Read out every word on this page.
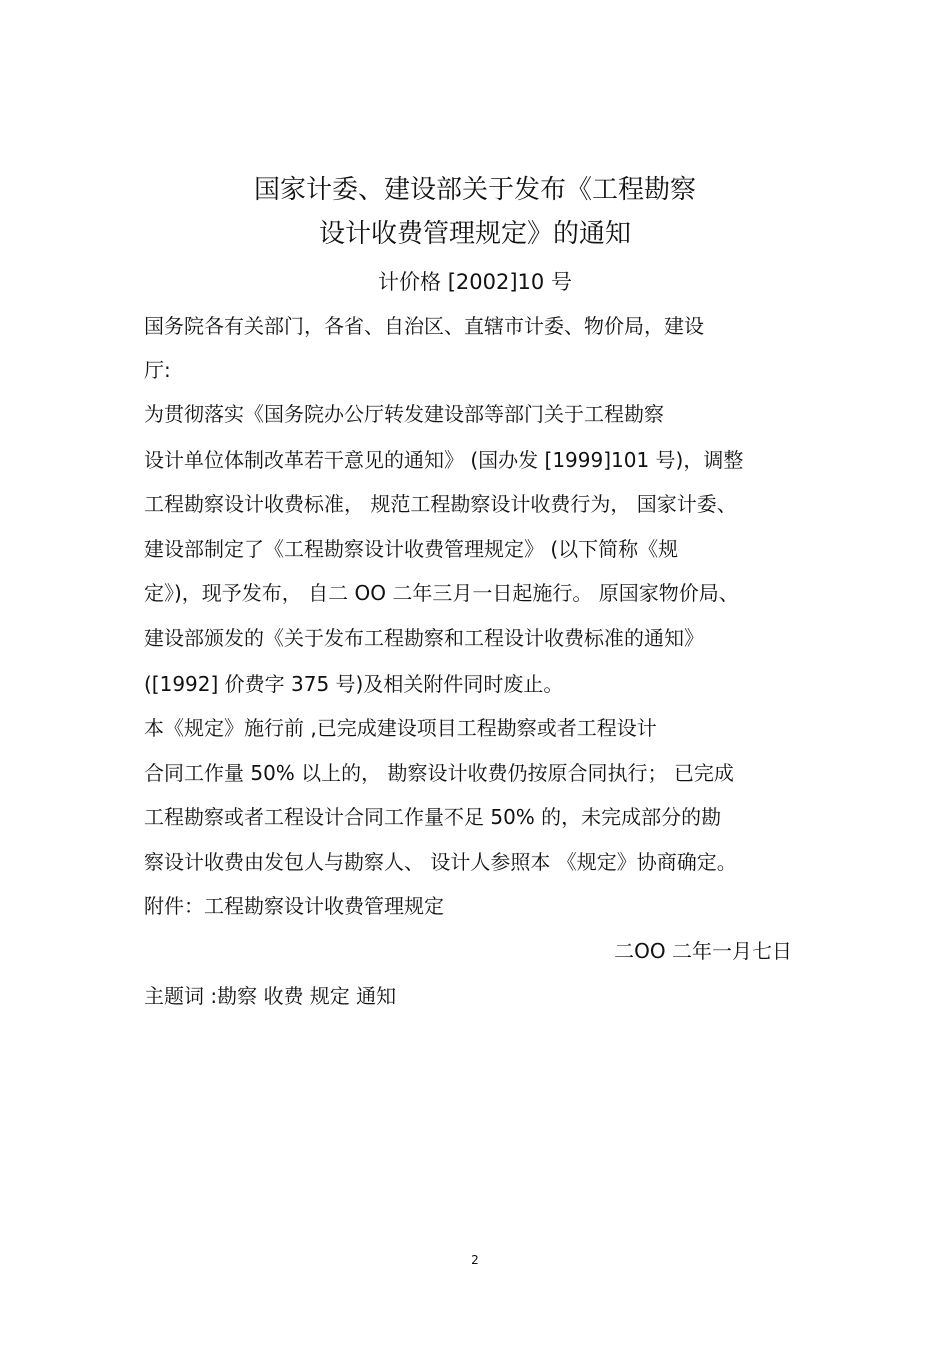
国家计委、建设部关于发布《工程勘察
设计收费管理规定》的通知
计价格 [2002]10 号
国务院各有关部门，各省、自治区、直辖市计委、物价局，建设
厅:
为贯彻落实《国务院办公厅转发建设部等部门关于工程勘察
设计单位体制改革若干意见的通知》 (国办发 [1999]101 号)，调整
工程勘察设计收费标准， 规范工程勘察设计收费行为， 国家计委、
建设部制定了《工程勘察设计收费管理规定》 (以下简称《规
定》)，现予发布， 自二 OO 二年三月一日起施行。 原国家物价局、
建设部颁发的《关于发布工程勘察和工程设计收费标准的通知》
([1992] 价费字 375 号)及相关附件同时废止。
本《规定》施行前 ,已完成建设项目工程勘察或者工程设计
合同工作量 50% 以上的， 勘察设计收费仍按原合同执行； 已完成
工程勘察或者工程设计合同工作量不足 50% 的，未完成部分的勘
察设计收费由发包人与勘察人、 设计人参照本 《规定》协商确定。
附件：工程勘察设计收费管理规定
二OO 二年一月七日
主题词 :勘察 收费 规定 通知
2
